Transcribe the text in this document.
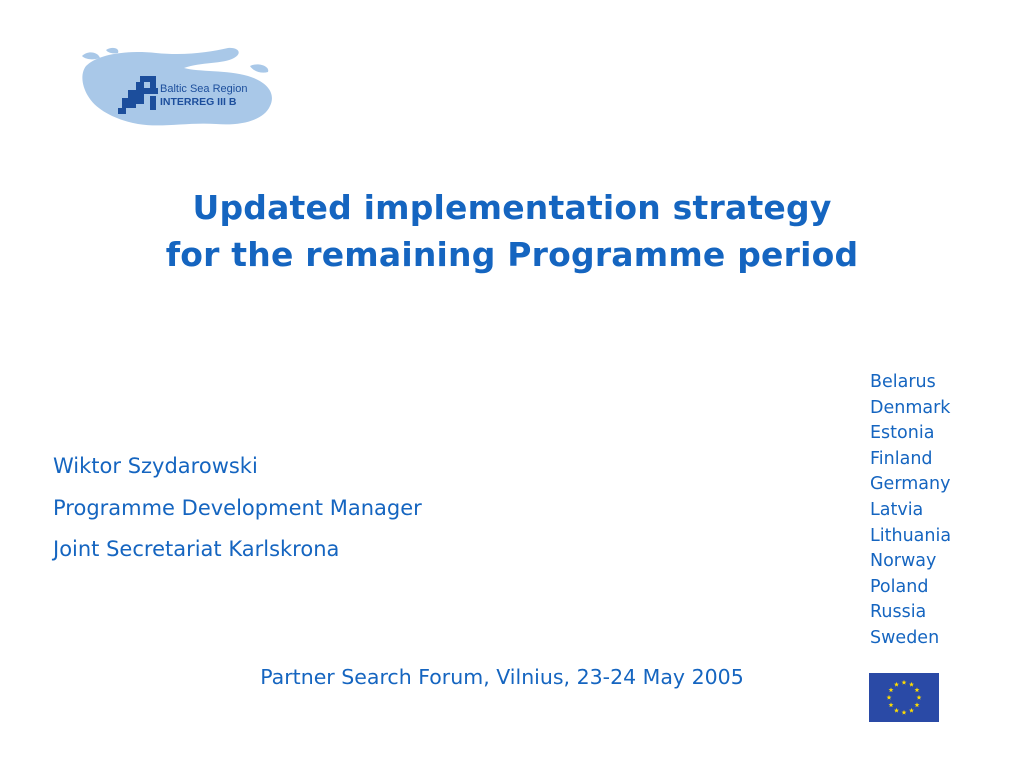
Baltic Sea Region
INTERREG III B
Updated implementation strategy
for the remaining Programme period
Wiktor Szydarowski
Programme Development Manager
Joint Secretariat Karlskrona
Belarus
Denmark
Estonia
Finland
Germany
Latvia
Lithuania
Norway
Poland
Russia
Sweden
Partner Search Forum, Vilnius, 23-24 May 2005
